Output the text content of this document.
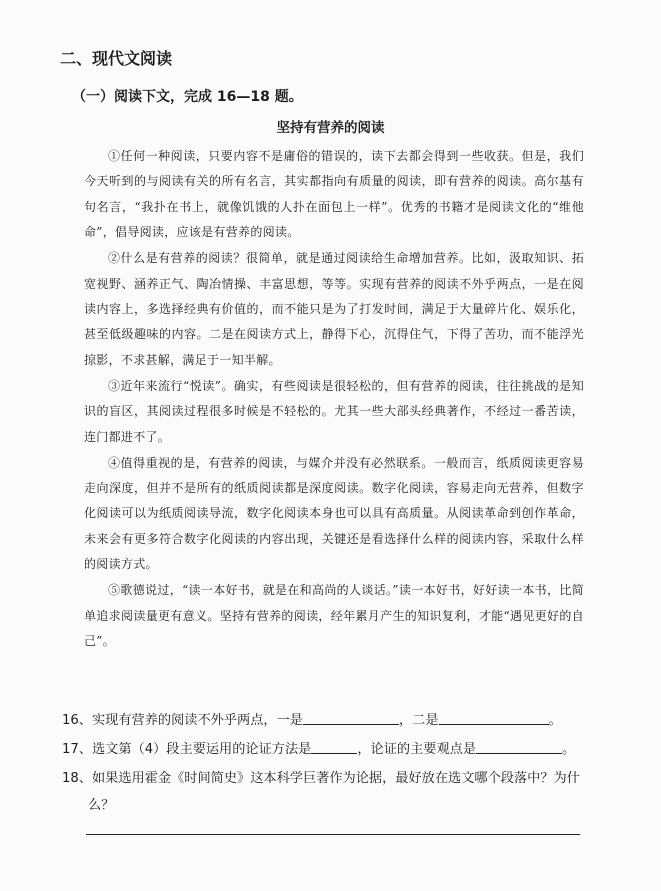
二、现代文阅读
（一）阅读下文，完成 16—18 题。
坚持有营养的阅读

①任何一种阅读，只要内容不是庸俗的错误的，读下去都会得到一些收获。但是，我们今天听到的与阅读有关的所有名言，其实都指向有质量的阅读，即有营养的阅读。高尔基有句名言，“我扑在书上，就像饥饿的人扑在面包上一样”。优秀的书籍才是阅读文化的“维他命”，倡导阅读，应该是有营养的阅读。

②什么是有营养的阅读？很简单，就是通过阅读给生命增加营养。比如，汲取知识、拓宽视野、涵养正气、陶冶情操、丰富思想，等等。实现有营养的阅读不外乎两点，一是在阅读内容上，多选择经典有价值的，而不能只是为了打发时间，满足于大量碎片化、娱乐化，甚至低级趣味的内容。二是在阅读方式上，静得下心，沉得住气，下得了苦功，而不能浮光掠影，不求甚解，满足于一知半解。

③近年来流行“悦读”。确实，有些阅读是很轻松的，但有营养的阅读，往往挑战的是知识的盲区，其阅读过程很多时候是不轻松的。尤其一些大部头经典著作，不经过一番苦读，连门都进不了。

④值得重视的是，有营养的阅读，与媒介并没有必然联系。一般而言，纸质阅读更容易走向深度，但并不是所有的纸质阅读都是深度阅读。数字化阅读，容易走向无营养，但数字化阅读可以为纸质阅读导流，数字化阅读本身也可以具有高质量。从阅读革命到创作革命，未来会有更多符合数字化阅读的内容出现，关键还是看选择什么样的阅读内容，采取什么样的阅读方式。

⑤歌德说过，“读一本好书，就是在和高尚的人谈话。”读一本好书，好好读一本书，比简单追求阅读量更有意义。坚持有营养的阅读，经年累月产生的知识复利，才能“遇见更好的自己”。

16、实现有营养的阅读不外乎两点，一是	，二是	。

17、选文第（4）段主要运用的论证方法是	，论证的主要观点是	。

18、如果选用霍金《时间简史》这本科学巨著作为论据，最好放在选文哪个段落中？为什

么？
